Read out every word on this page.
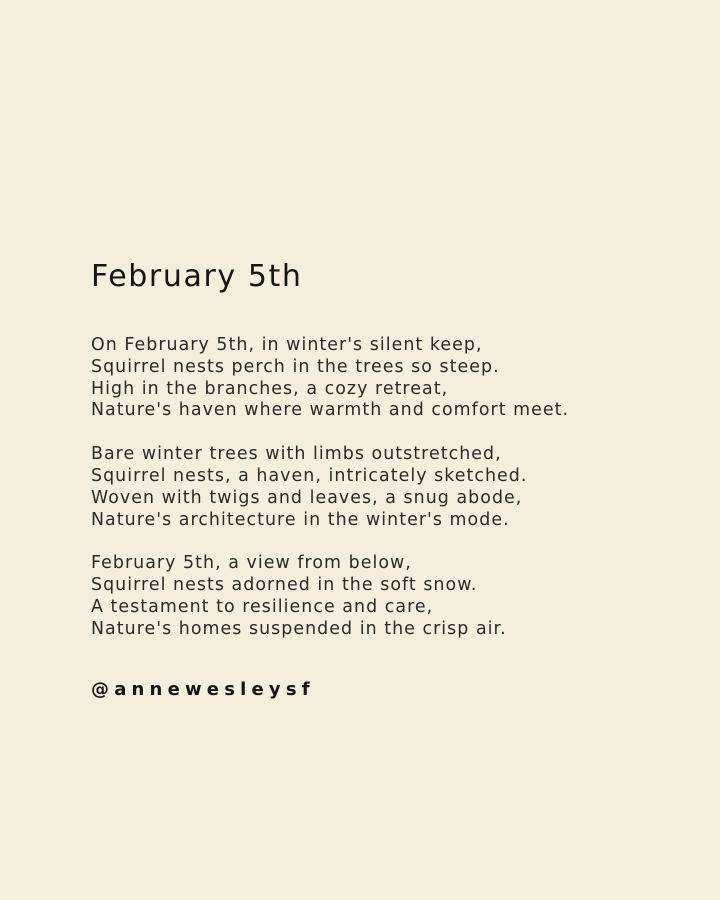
February 5th
On February 5th, in winter's silent keep,
Squirrel nests perch in the trees so steep.
High in the branches, a cozy retreat,
Nature's haven where warmth and comfort meet.
Bare winter trees with limbs outstretched,
Squirrel nests, a haven, intricately sketched.
Woven with twigs and leaves, a snug abode,
Nature's architecture in the winter's mode.
February 5th, a view from below,
Squirrel nests adorned in the soft snow.
A testament to resilience and care,
Nature's homes suspended in the crisp air.

@annewesleysf
